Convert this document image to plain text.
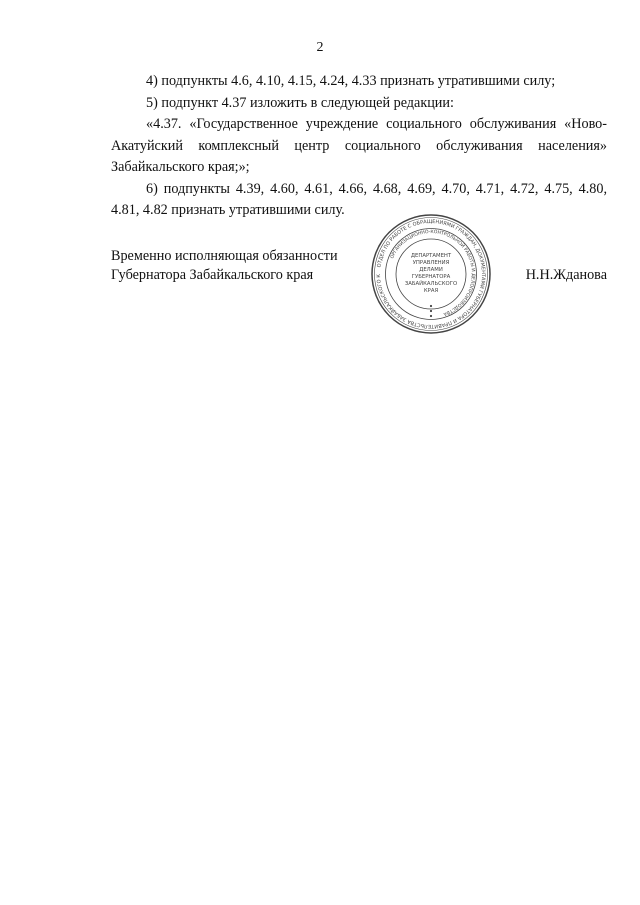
2

4) подпункты 4.6, 4.10, 4.15, 4.24, 4.33 признать утратившими силу;

5) подпункт 4.37 изложить в следующей редакции:

«4.37. «Государственное учреждение социального обслуживания «Ново-Акатуйский комплексный центр социального обслуживания населения» Забайкальского края;»;

6) подпункты 4.39, 4.60, 4.61, 4.66, 4.68, 4.69, 4.70, 4.71, 4.72, 4.75, 4.80, 4.81, 4.82 признать утратившими силу.

Временно исполняющая обязанности
Губернатора Забайкальского края	Н.Н.Жданова
ОТДЕЛ ПО РАБОТЕ С ОБРАЩЕНИЯМИ ГРАЖДАН, ДОКУМЕНТАМИ ГУБЕРНАТОРА И ПРАВИТЕЛЬСТВА ЗАБАЙКАЛЬСКОГО К
ОРГАНИЗАЦИОННО-КОНТРОЛЬНОЙ РАБОТЫ И ДЕЛОПРОИЗВОДСТВА
ДЕПАРТАМЕНТ
УПРАВЛЕНИЯ
ДЕЛАМИ
ГУБЕРНАТОРА
ЗАБАЙКАЛЬСКОГО
КРАЯ
